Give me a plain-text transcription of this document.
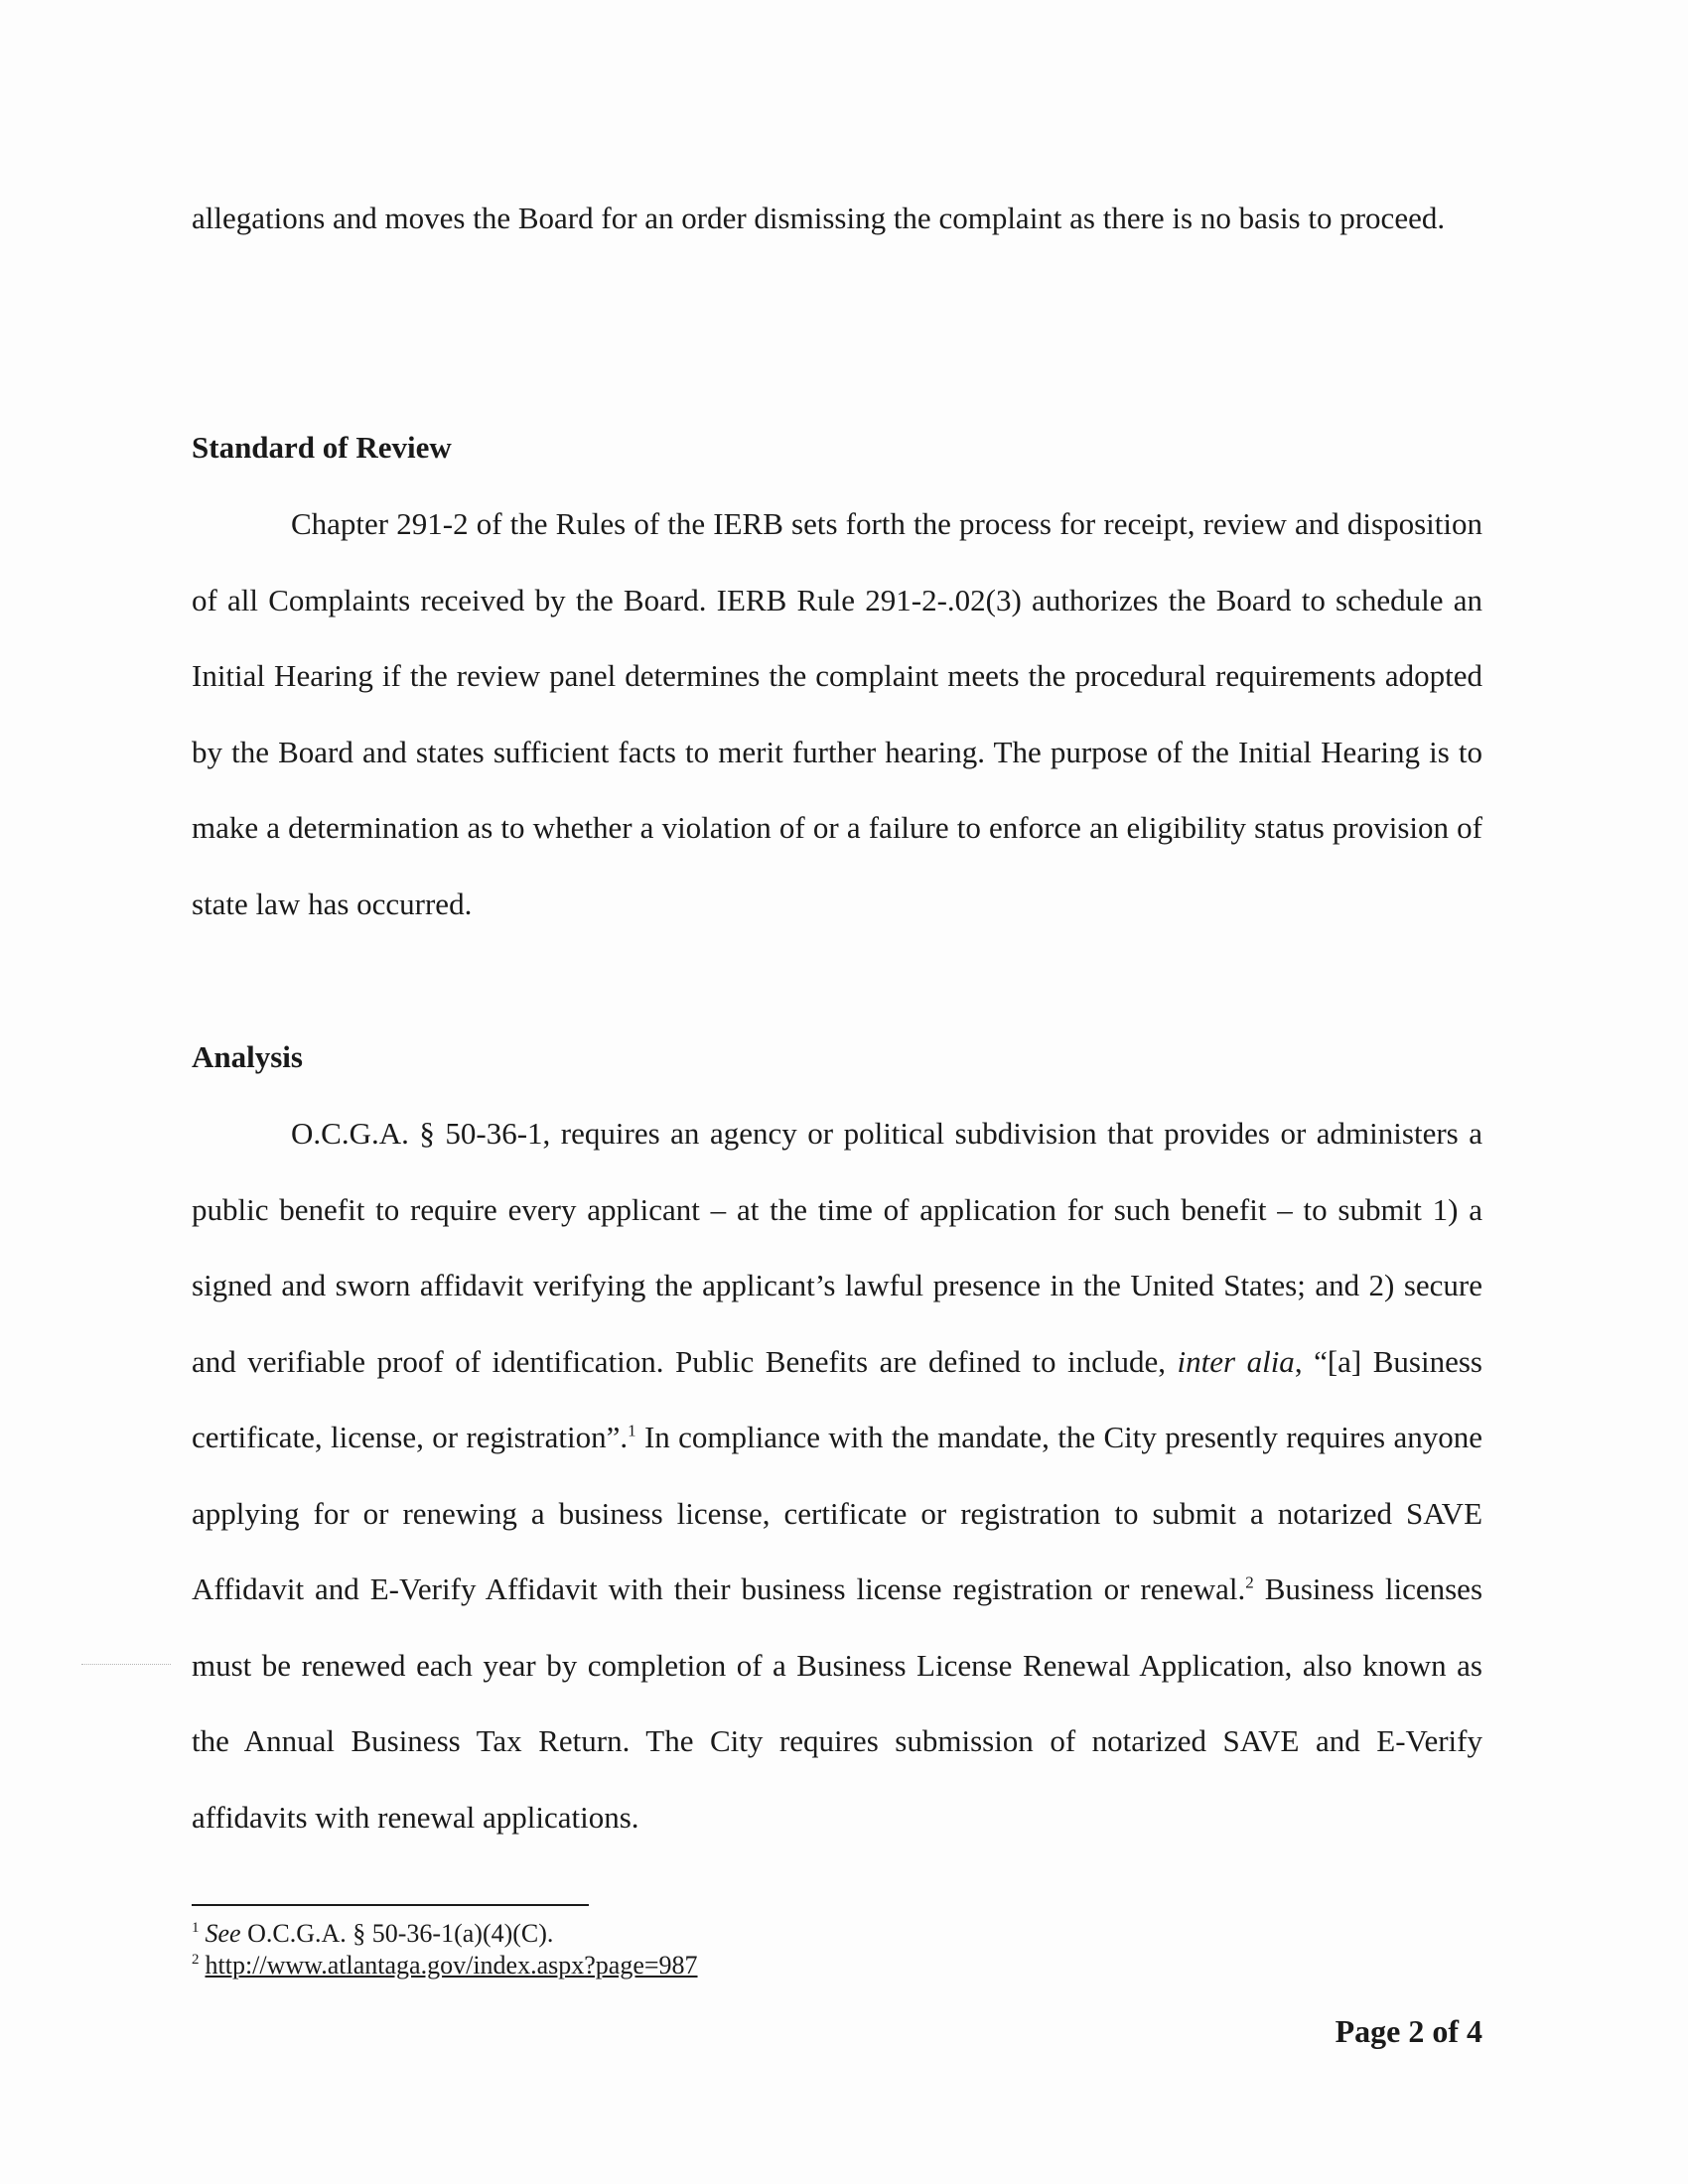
allegations and moves the Board for an order dismissing the complaint as there is no basis to proceed.

Standard of Review

Chapter 291-2 of the Rules of the IERB sets forth the process for receipt, review and disposition of all Complaints received by the Board. IERB Rule 291-2-.02(3) authorizes the Board to schedule an Initial Hearing if the review panel determines the complaint meets the procedural requirements adopted by the Board and states sufficient facts to merit further hearing. The purpose of the Initial Hearing is to make a determination as to whether a violation of or a failure to enforce an eligibility status provision of state law has occurred.

Analysis

O.C.G.A. § 50-36-1, requires an agency or political subdivision that provides or administers a public benefit to require every applicant – at the time of application for such benefit – to submit 1) a signed and sworn affidavit verifying the applicant’s lawful presence in the United States; and 2) secure and verifiable proof of identification. Public Benefits are defined to include, inter alia, “[a] Business certificate, license, or registration”.$^1$ In compliance with the mandate, the City presently requires anyone applying for or renewing a business license, certificate or registration to submit a notarized SAVE Affidavit and E-Verify Affidavit with their business license registration or renewal.$^2$ Business licenses must be renewed each year by completion of a Business License Renewal Application, also known as the Annual Business Tax Return. The City requires submission of notarized SAVE and E-Verify affidavits with renewal applications.

$^1$ See O.C.G.A. § 50-36-1(a)(4)(C).

$^2$ http://www.atlantaga.gov/index.aspx?page=987

Page 2 of 4
